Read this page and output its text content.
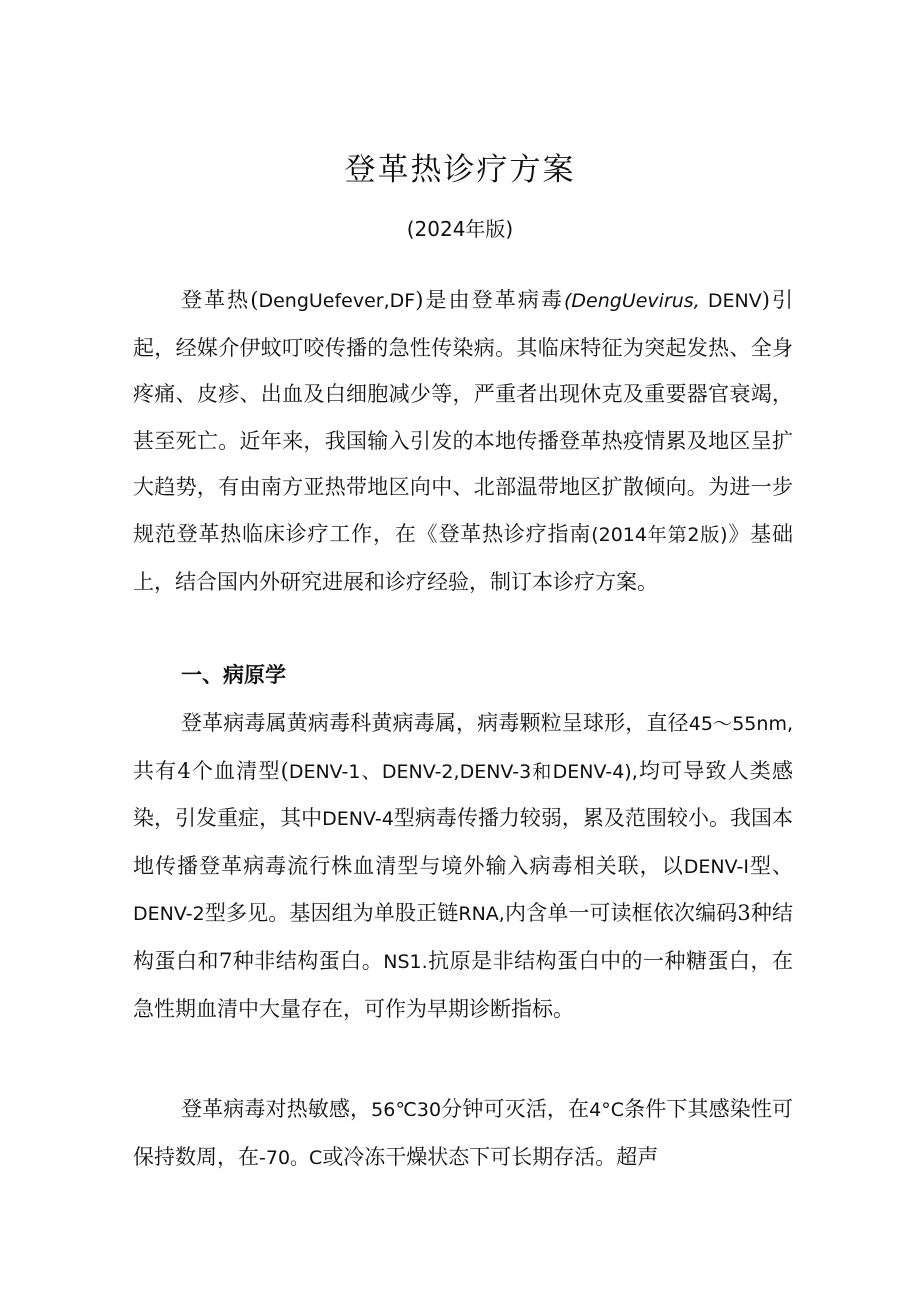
登革热诊疗方案
(2024年版)

登革热(DengUefever,DF)是由登革病毒(DengUevirus, DENV)引起，经媒介伊蚊叮咬传播的急性传染病。其临床特征为突起发热、全身疼痛、皮疹、出血及白细胞减少等，严重者出现休克及重要器官衰竭，甚至死亡。近年来，我国输入引发的本地传播登革热疫情累及地区呈扩大趋势，有由南方亚热带地区向中、北部温带地区扩散倾向。为进一步规范登革热临床诊疗工作，在《登革热诊疗指南(2014年第2版)》基础上，结合国内外研究进展和诊疗经验，制订本诊疗方案。

一、病原学

登革病毒属黄病毒科黄病毒属，病毒颗粒呈球形，直径45〜55nm,共有4个血清型(DENV-1、DENV-2,DENV-3和DENV-4),均可导致人类感染，引发重症，其中DENV-4型病毒传播力较弱，累及范围较小。我国本地传播登革病毒流行株血清型与境外输入病毒相关联，以DENV-I型、DENV-2型多见。基因组为单股正链RNA,内含单一可读框依次编码3种结构蛋白和7种非结构蛋白。NS1.抗原是非结构蛋白中的一种糖蛋白，在急性期血清中大量存在，可作为早期诊断指标。

登革病毒对热敏感，56℃30分钟可灭活，在4°C条件下其感染性可保持数周，在-70。C或冷冻干燥状态下可长期存活。超声
